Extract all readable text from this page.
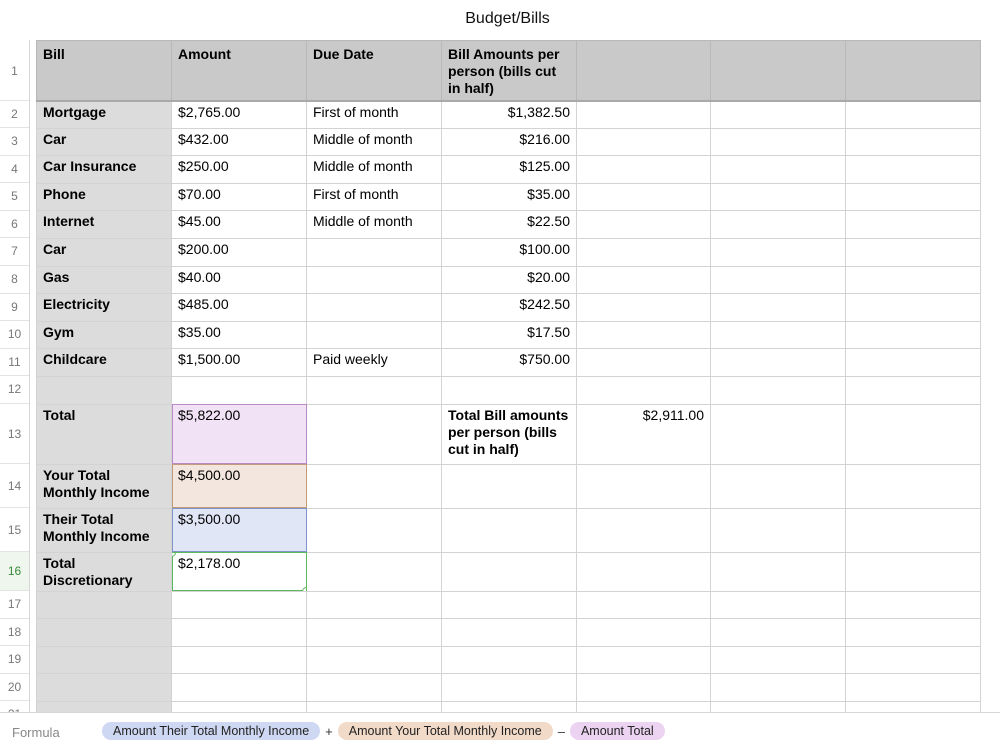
Budget/Bills
1
2
3
4
5
6
7
8
9
10
11
12
13
14
15
16
17
18
19
20
Bill	Amount	Due Date	Bill Amounts per person (bills cut in half)			
Mortgage	$2,765.00	First of month	$1,382.50			
Car	$432.00	Middle of month	$216.00			
Car Insurance	$250.00	Middle of month	$125.00			
Phone	$70.00	First of month	$35.00			
Internet	$45.00	Middle of month	$22.50			
Car	$200.00		$100.00			
Gas	$40.00		$20.00			
Electricity	$485.00		$242.50			
Gym	$35.00		$17.50			
Childcare	$1,500.00	Paid weekly	$750.00			

Total	$5,822.00		Total Bill amounts per person (bills cut in half)	$2,911.00		
Your Total Monthly Income	$4,500.00					
Their Total Monthly Income	$3,500.00					
Total Discretionary	$2,178.00

Formula	Amount Their Total Monthly Income	+	Amount Your Total Monthly Income	–	Amount Total
